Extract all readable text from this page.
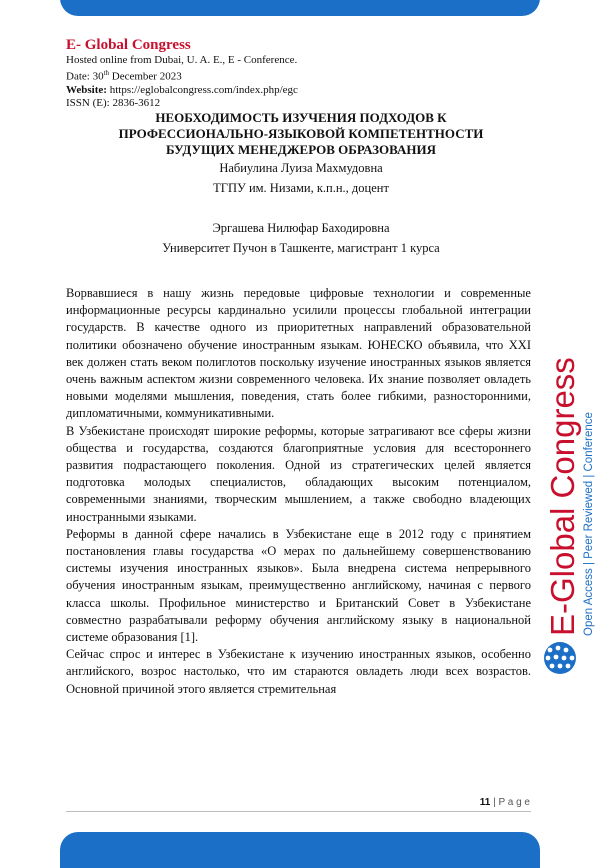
E- Global Congress
Hosted online from Dubai, U. A. E., E - Conference.
Date: 30th December 2023
Website: https://eglobalcongress.com/index.php/egc
ISSN (E): 2836-3612
НЕОБХОДИМОСТЬ ИЗУЧЕНИЯ ПОДХОДОВ К
ПРОФЕССИОНАЛЬНО-ЯЗЫКОВОЙ КОМПЕТЕНТНОСТИ
БУДУЩИХ МЕНЕДЖЕРОВ ОБРАЗОВАНИЯ
Набиулина Луиза Махмудовна
ТГПУ им. Низами, к.п.н., доцент
Эргашева Нилюфар Баходировна
Университет Пучон в Ташкенте, магистрант 1 курса

Ворвавшиеся в нашу жизнь передовые цифровые технологии и современные информационные ресурсы кардинально усилили процессы глобальной интеграции государств. В качестве одного из приоритетных направлений образовательной политики обозначено обучение иностранным языкам. ЮНЕСКО объявила, что XXI век должен стать веком полиглотов поскольку изучение иностранных языков является очень важным аспектом жизни современного человека. Их знание позволяет овладеть новыми моделями мышления, поведения, стать более гибкими, разносторонними, дипломатичными, коммуникативными.

В Узбекистане происходят широкие реформы, которые затрагивают все сферы жизни общества и государства, создаются благоприятные условия для всестороннего развития подрастающего поколения. Одной из стратегических целей является подготовка молодых специалистов, обладающих высоким потенциалом, современными знаниями, творческим мышлением, а также свободно владеющих иностранными языками.

Реформы в данной сфере начались в Узбекистане еще в 2012 году с принятием постановления главы государства «О мерах по дальнейшему совершенствованию системы изучения иностранных языков». Была внедрена система непрерывного обучения иностранным языкам, преимущественно английскому, начиная с первого класса школы. Профильное министерство и Британский Совет в Узбекистане совместно разрабатывали реформу обучения английскому языку в национальной системе образования [1].

Сейчас спрос и интерес в Узбекистане к изучению иностранных языков, особенно английского, возрос настолько, что им стараются овладеть люди всех возрастов. Основной причиной этого является стремительная

E-Global Congress Open Access | Peer Reviewed | Conference
11 | P a g e
